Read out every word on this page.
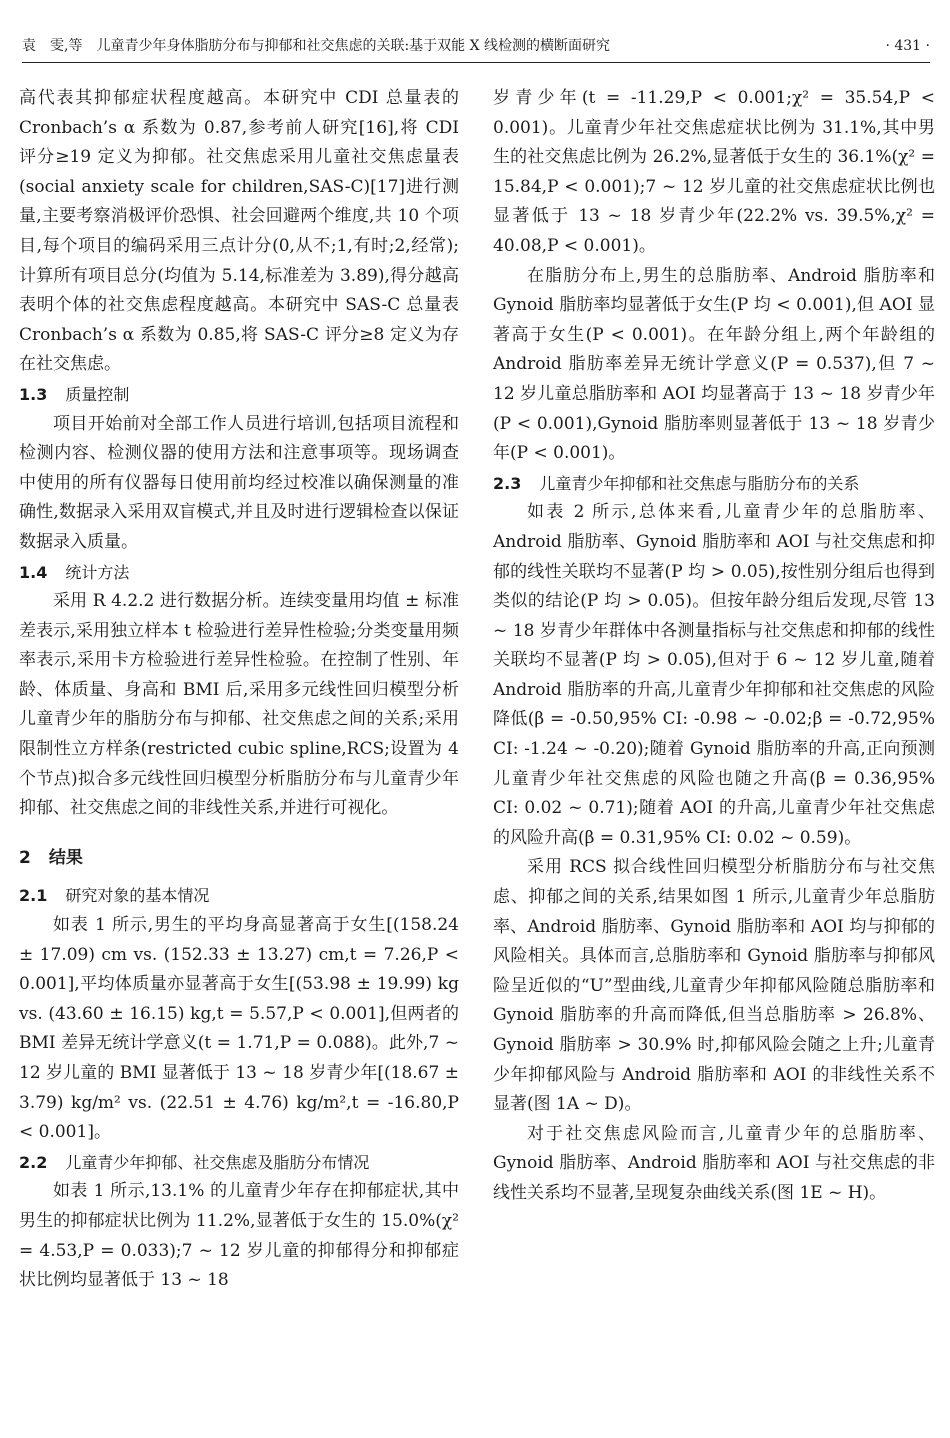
袁　雯,等　儿童青少年身体脂肪分布与抑郁和社交焦虑的关联:基于双能 X 线检测的横断面研究	· 431 ·

高代表其抑郁症状程度越高。本研究中 CDI 总量表的 Cronbach’s α 系数为 0.87,参考前人研究[16],将 CDI 评分≥19 定义为抑郁。社交焦虑采用儿童社交焦虑量表(social anxiety scale for children,SAS-C)[17]进行测量,主要考察消极评价恐惧、社会回避两个维度,共 10 个项目,每个项目的编码采用三点计分(0,从不;1,有时;2,经常);计算所有项目总分(均值为 5.14,标准差为 3.89),得分越高表明个体的社交焦虑程度越高。本研究中 SAS-C 总量表 Cronbach’s α 系数为 0.85,将 SAS-C 评分≥8 定义为存在社交焦虑。

1.3 质量控制

项目开始前对全部工作人员进行培训,包括项目流程和检测内容、检测仪器的使用方法和注意事项等。现场调查中使用的所有仪器每日使用前均经过校准以确保测量的准确性,数据录入采用双盲模式,并且及时进行逻辑检查以保证数据录入质量。

1.4 统计方法

采用 R 4.2.2 进行数据分析。连续变量用均值 ± 标准差表示,采用独立样本 t 检验进行差异性检验;分类变量用频率表示,采用卡方检验进行差异性检验。在控制了性别、年龄、体质量、身高和 BMI 后,采用多元线性回归模型分析儿童青少年的脂肪分布与抑郁、社交焦虑之间的关系;采用限制性立方样条(restricted cubic spline,RCS;设置为 4 个节点)拟合多元线性回归模型分析脂肪分布与儿童青少年抑郁、社交焦虑之间的非线性关系,并进行可视化。

2 结果
2.1 研究对象的基本情况

如表 1 所示,男生的平均身高显著高于女生[(158.24 ± 17.09) cm vs. (152.33 ± 13.27) cm,t = 7.26,P < 0.001],平均体质量亦显著高于女生[(53.98 ± 19.99) kg vs. (43.60 ± 16.15) kg,t = 5.57,P < 0.001],但两者的 BMI 差异无统计学意义(t = 1.71,P = 0.088)。此外,7 ~ 12 岁儿童的 BMI 显著低于 13 ~ 18 岁青少年[(18.67 ± 3.79) kg/m² vs. (22.51 ± 4.76) kg/m²,t = -16.80,P < 0.001]。

2.2 儿童青少年抑郁、社交焦虑及脂肪分布情况

如表 1 所示,13.1% 的儿童青少年存在抑郁症状,其中男生的抑郁症状比例为 11.2%,显著低于女生的 15.0%(χ² = 4.53,P = 0.033);7 ~ 12 岁儿童的抑郁得分和抑郁症状比例均显著低于 13 ~ 18

岁青少年(t = -11.29,P < 0.001;χ² = 35.54,P < 0.001)。儿童青少年社交焦虑症状比例为 31.1%,其中男生的社交焦虑比例为 26.2%,显著低于女生的 36.1%(χ² = 15.84,P < 0.001);7 ~ 12 岁儿童的社交焦虑症状比例也显著低于 13 ~ 18 岁青少年(22.2% vs. 39.5%,χ² = 40.08,P < 0.001)。

在脂肪分布上,男生的总脂肪率、Android 脂肪率和 Gynoid 脂肪率均显著低于女生(P 均 < 0.001),但 AOI 显著高于女生(P < 0.001)。在年龄分组上,两个年龄组的 Android 脂肪率差异无统计学意义(P = 0.537),但 7 ~ 12 岁儿童总脂肪率和 AOI 均显著高于 13 ~ 18 岁青少年(P < 0.001),Gynoid 脂肪率则显著低于 13 ~ 18 岁青少年(P < 0.001)。

2.3 儿童青少年抑郁和社交焦虑与脂肪分布的关系

如表 2 所示,总体来看,儿童青少年的总脂肪率、Android 脂肪率、Gynoid 脂肪率和 AOI 与社交焦虑和抑郁的线性关联均不显著(P 均 > 0.05),按性别分组后也得到类似的结论(P 均 > 0.05)。但按年龄分组后发现,尽管 13 ~ 18 岁青少年群体中各测量指标与社交焦虑和抑郁的线性关联均不显著(P 均 > 0.05),但对于 6 ~ 12 岁儿童,随着 Android 脂肪率的升高,儿童青少年抑郁和社交焦虑的风险降低(β = -0.50,95% CI: -0.98 ~ -0.02;β = -0.72,95% CI: -1.24 ~ -0.20);随着 Gynoid 脂肪率的升高,正向预测儿童青少年社交焦虑的风险也随之升高(β = 0.36,95% CI: 0.02 ~ 0.71);随着 AOI 的升高,儿童青少年社交焦虑的风险升高(β = 0.31,95% CI: 0.02 ~ 0.59)。

采用 RCS 拟合线性回归模型分析脂肪分布与社交焦虑、抑郁之间的关系,结果如图 1 所示,儿童青少年总脂肪率、Android 脂肪率、Gynoid 脂肪率和 AOI 均与抑郁的风险相关。具体而言,总脂肪率和 Gynoid 脂肪率与抑郁风险呈近似的“U”型曲线,儿童青少年抑郁风险随总脂肪率和 Gynoid 脂肪率的升高而降低,但当总脂肪率 > 26.8%、Gynoid 脂肪率 > 30.9% 时,抑郁风险会随之上升;儿童青少年抑郁风险与 Android 脂肪率和 AOI 的非线性关系不显著(图 1A ~ D)。

对于社交焦虑风险而言,儿童青少年的总脂肪率、Gynoid 脂肪率、Android 脂肪率和 AOI 与社交焦虑的非线性关系均不显著,呈现复杂曲线关系(图 1E ~ H)。
